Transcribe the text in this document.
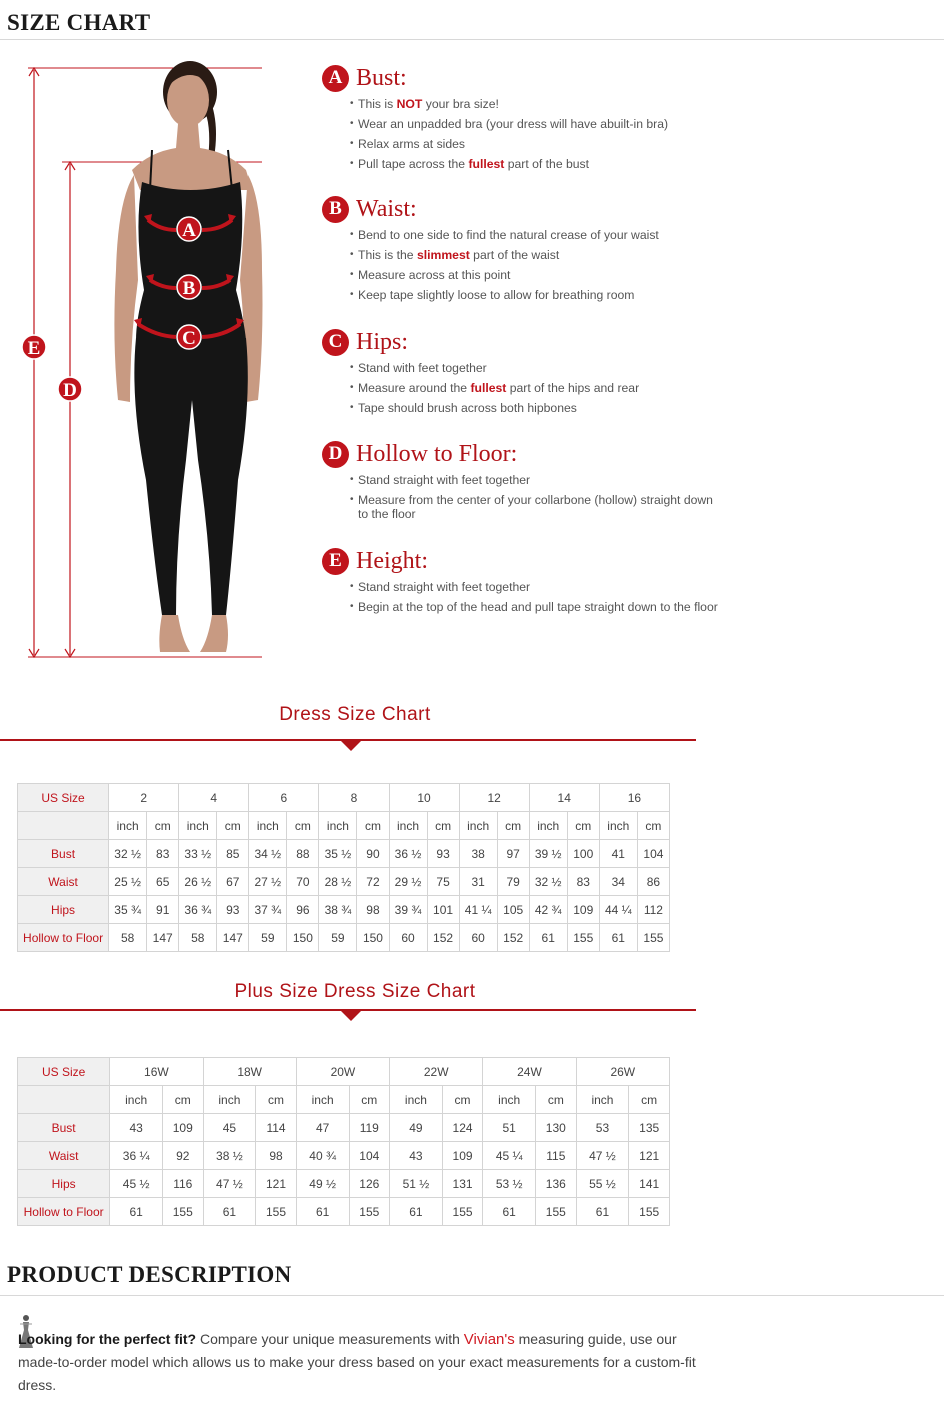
SIZE CHART
A
B
C
E
D
A Bust:
• This is NOT your bra size!
• Wear an unpadded bra (your dress will have abuilt-in bra)
• Relax arms at sides
• Pull tape across the fullest part of the bust
B Waist:
• Bend to one side to find the natural crease of your waist
• This is the slimmest part of the waist
• Measure across at this point
• Keep tape slightly loose to allow for breathing room
C Hips:
• Stand with feet together
• Measure around the fullest part of the hips and rear
• Tape should brush across both hipbones
D Hollow to Floor:
• Stand straight with feet together
• Measure from the center of your collarbone (hollow) straight down to the floor
E Height:
• Stand straight with feet together
• Begin at the top of the head and pull tape straight down to the floor
Dress Size Chart
US Size	2		4		6		8		10		12		14		16	
	inch	cm	inch	cm	inch	cm	inch	cm	inch	cm	inch	cm	inch	cm	inch	cm
Bust	32 ½	83	33 ½	85	34 ½	88	35 ½	90	36 ½	93	38	97	39 ½	100	41	104
Waist	25 ½	65	26 ½	67	27 ½	70	28 ½	72	29 ½	75	31	79	32 ½	83	34	86
Hips	35 ¾	91	36 ¾	93	37 ¾	96	38 ¾	98	39 ¾	101	41 ¼	105	42 ¾	109	44 ¼	112
Hollow to Floor	58	147	58	147	59	150	59	150	60	152	60	152	61	155	61	155
Plus Size Dress Size Chart
US Size	16W		18W		20W		22W		24W		26W	
	inch	cm	inch	cm	inch	cm	inch	cm	inch	cm	inch	cm
Bust	43	109	45	114	47	119	49	124	51	130	53	135
Waist	36 ¼	92	38 ½	98	40 ¾	104	43	109	45 ¼	115	47 ½	121
Hips	45 ½	116	47 ½	121	49 ½	126	51 ½	131	53 ½	136	55 ½	141
Hollow to Floor	61	155	61	155	61	155	61	155	61	155	61	155
PRODUCT DESCRIPTION
Looking for the perfect fit? Compare your unique measurements with Vivian's measuring guide, use our made-to-order model which allows us to make your dress based on your exact measurements for a custom-fit dress.
